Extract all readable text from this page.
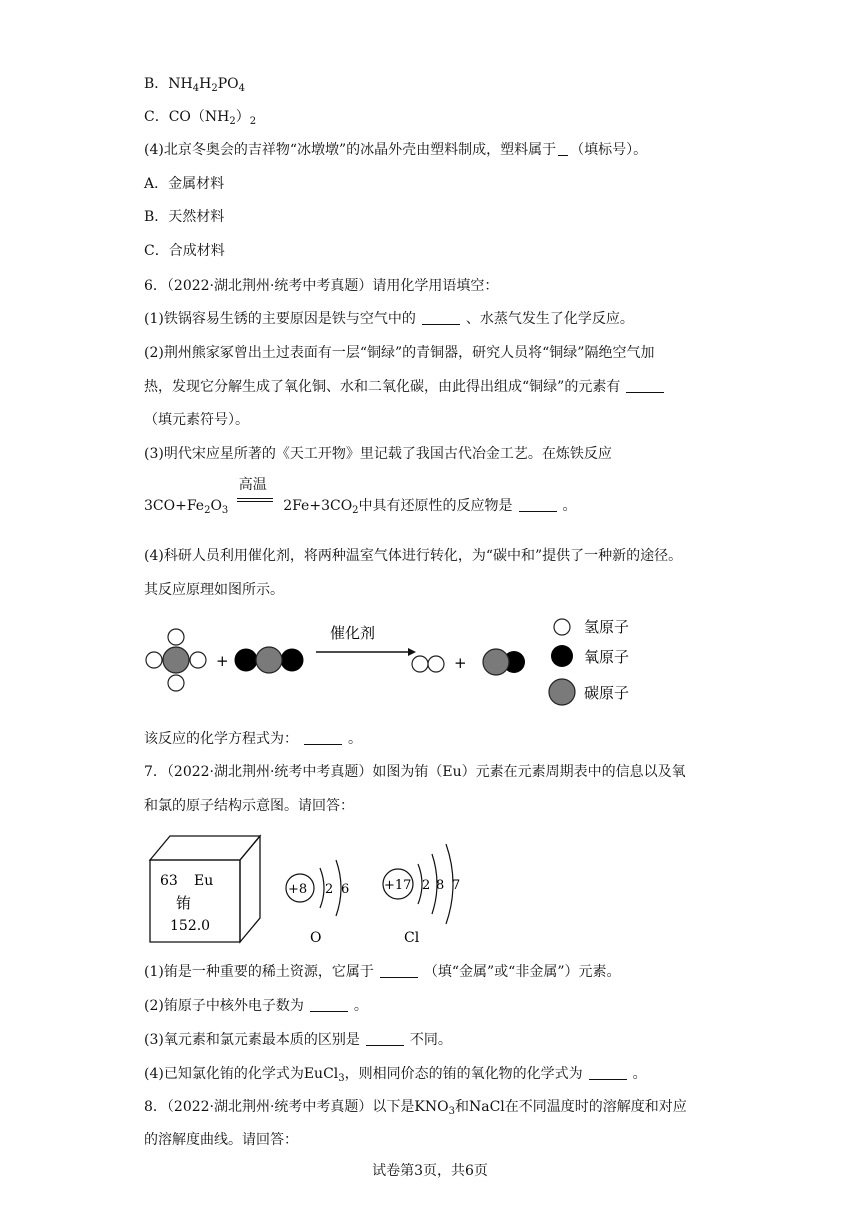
B．$NH_4H_2PO_4$
C．$CO(NH_2)_2$
(4)北京冬奥会的吉祥物“冰墩墩”的冰晶外壳由塑料制成，塑料属于 （填标号）。
A．金属材料
B．天然材料
C．合成材料
6．（2022·湖北荆州·统考中考真题）请用化学用语填空：
(1)铁锅容易生锈的主要原因是铁与空气中的	、水蒸气发生了化学反应。
(2)荆州熊家冢曾出土过表面有一层“铜绿”的青铜器，研究人员将“铜绿”隔绝空气加
热，发现它分解生成了氧化铜、水和二氧化碳，由此得出组成“铜绿”的元素有
（填元素符号）。
(3)明代宋应星所著的《天工开物》里记载了我国古代冶金工艺。在炼铁反应
$3CO+Fe_2O_3$
高温
$2Fe+3CO_2$中具有还原性的反应物是	。
(4)科研人员利用催化剂，将两种温室气体进行转化，为“碳中和”提供了一种新的途径。
其反应原理如图所示。
+
催化剂
+
氢原子
氧原子
碳原子
该反应的化学方程式为：	。
7．（2022·湖北荆州·统考中考真题）如图为铕（Eu）元素在元素周期表中的信息以及氧
和氯的原子结构示意图。请回答：
63 Eu
铕
152.0
+8 2 6
O
+17 2 8 7
Cl
(1)铕是一种重要的稀土资源，它属于	（填“金属”或“非金属”）元素。
(2)铕原子中核外电子数为	。
(3)氧元素和氯元素最本质的区别是	不同。
(4)已知氯化铕的化学式为EuCl$_3$，则相同价态的铕的氧化物的化学式为	。
8．（2022·湖北荆州·统考中考真题）以下是$KNO_3$和NaCl在不同温度时的溶解度和对应
的溶解度曲线。请回答：
试卷第3页，共6页
